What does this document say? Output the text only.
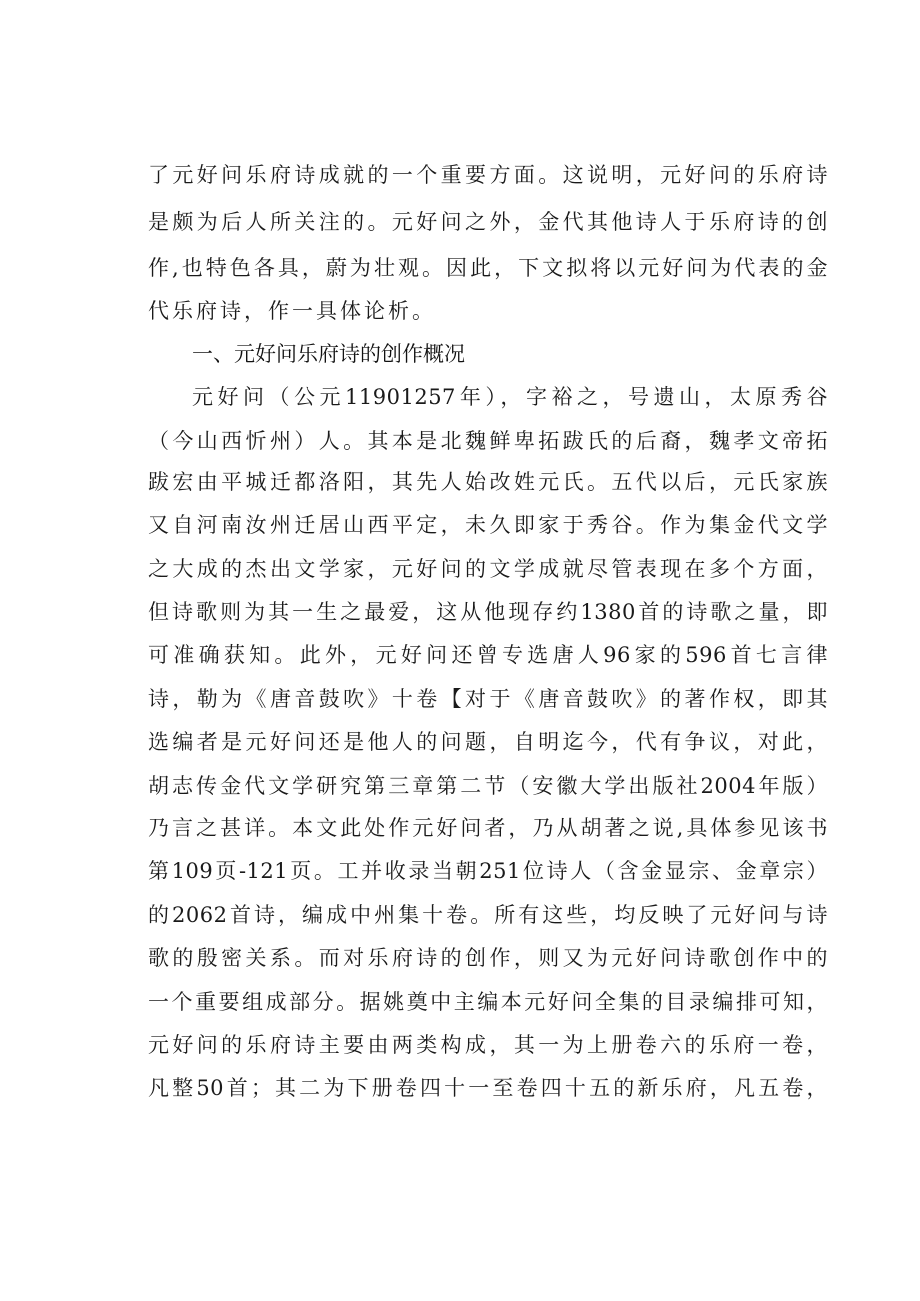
了元好问乐府诗成就的一个重要方面。这说明，元好问的乐府诗
是颇为后人所关注的。元好问之外，金代其他诗人于乐府诗的创
作,也特色各具，蔚为壮观。因此，下文拟将以元好问为代表的金
代乐府诗，作一具体论析。
一、元好问乐府诗的创作概况
元好问（公元11901257年），字裕之，号遗山，太原秀谷
（今山西忻州）人。其本是北魏鲜卑拓跋氏的后裔，魏孝文帝拓
跋宏由平城迁都洛阳，其先人始改姓元氏。五代以后，元氏家族
又自河南汝州迁居山西平定，未久即家于秀谷。作为集金代文学
之大成的杰出文学家，元好问的文学成就尽管表现在多个方面，
但诗歌则为其一生之最爱，这从他现存约1380首的诗歌之量，即
可准确获知。此外，元好问还曾专选唐人96家的596首七言律
诗，勒为《唐音鼓吹》十卷【对于《唐音鼓吹》的著作权，即其
选编者是元好问还是他人的问题，自明迄今，代有争议，对此，
胡志传金代文学研究第三章第二节（安徽大学出版社2004年版）
乃言之甚详。本文此处作元好问者，乃从胡著之说,具体参见该书
第109页-121页。工并收录当朝251位诗人（含金显宗、金章宗）
的2062首诗，编成中州集十卷。所有这些，均反映了元好问与诗
歌的殷密关系。而对乐府诗的创作，则又为元好问诗歌创作中的
一个重要组成部分。据姚奠中主编本元好问全集的目录编排可知，
元好问的乐府诗主要由两类构成，其一为上册卷六的乐府一卷，
凡整50首；其二为下册卷四十一至卷四十五的新乐府，凡五卷，
